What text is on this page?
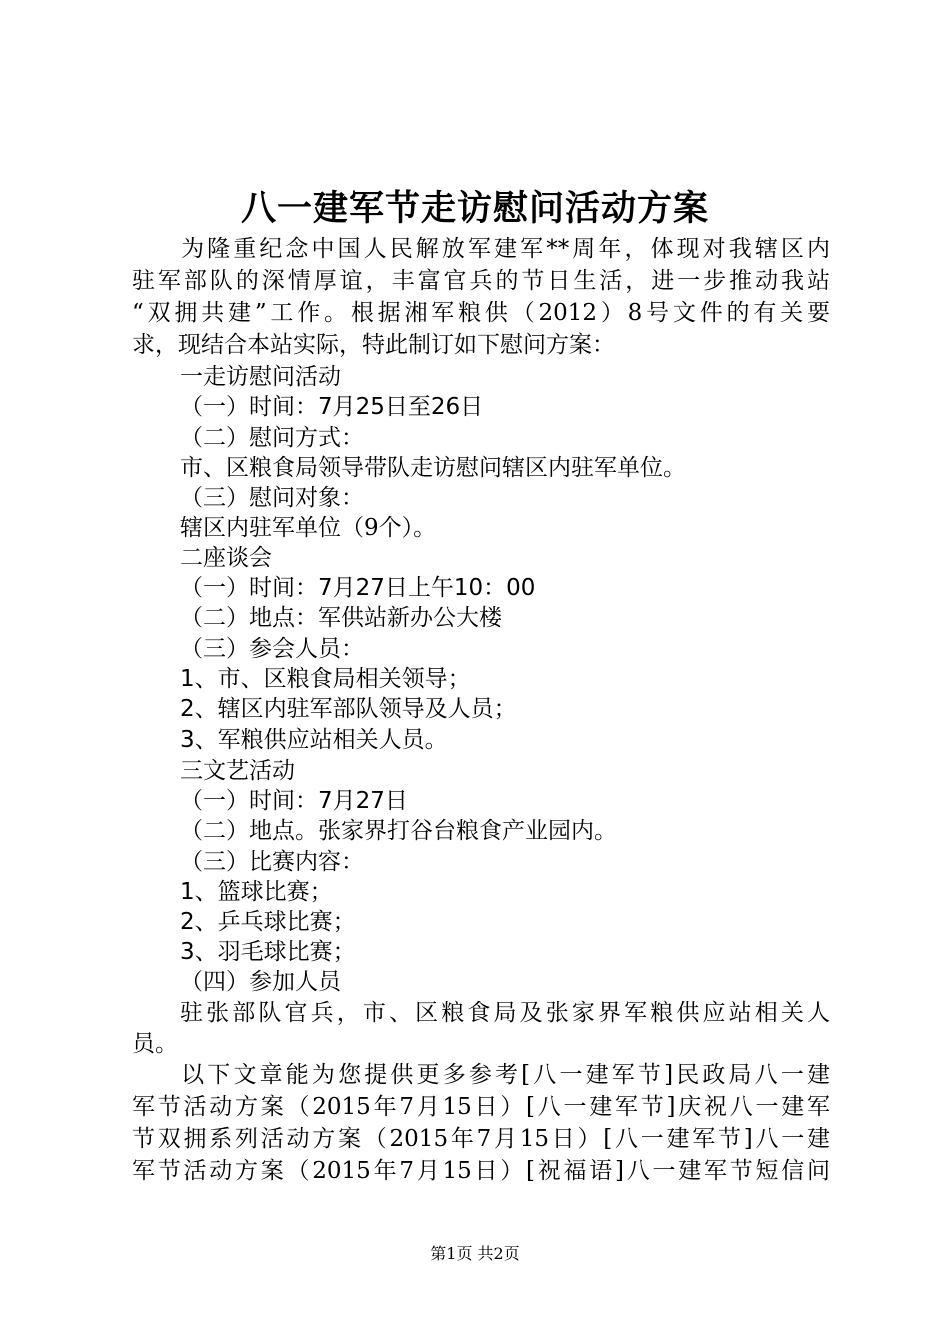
八一建军节走访慰问活动方案
为隆重纪念中国人民解放军建军**周年，体现对我辖区内
驻军部队的深情厚谊，丰富官兵的节日生活，进一步推动我站
“双拥共建”工作。根据湘军粮供（2012）8号文件的有关要
求，现结合本站实际，特此制订如下慰问方案：
一走访慰问活动
（一）时间：7月25日至26日
（二）慰问方式：
市、区粮食局领导带队走访慰问辖区内驻军单位。
（三）慰问对象：
辖区内驻军单位（9个）。
二座谈会
（一）时间：7月27日上午10：00
（二）地点：军供站新办公大楼
（三）参会人员：
1、市、区粮食局相关领导；
2、辖区内驻军部队领导及人员；
3、军粮供应站相关人员。
三文艺活动
（一）时间：7月27日
（二）地点。张家界打谷台粮食产业园内。
（三）比赛内容：
1、篮球比赛；
2、乒乓球比赛；
3、羽毛球比赛；
（四）参加人员
驻张部队官兵，市、区粮食局及张家界军粮供应站相关人
员。
以下文章能为您提供更多参考[八一建军节]民政局八一建
军节活动方案（2015年7月15日）[八一建军节]庆祝八一建军
节双拥系列活动方案（2015年7月15日）[八一建军节]八一建
军节活动方案（2015年7月15日）[祝福语]八一建军节短信问
第1页 共2页
